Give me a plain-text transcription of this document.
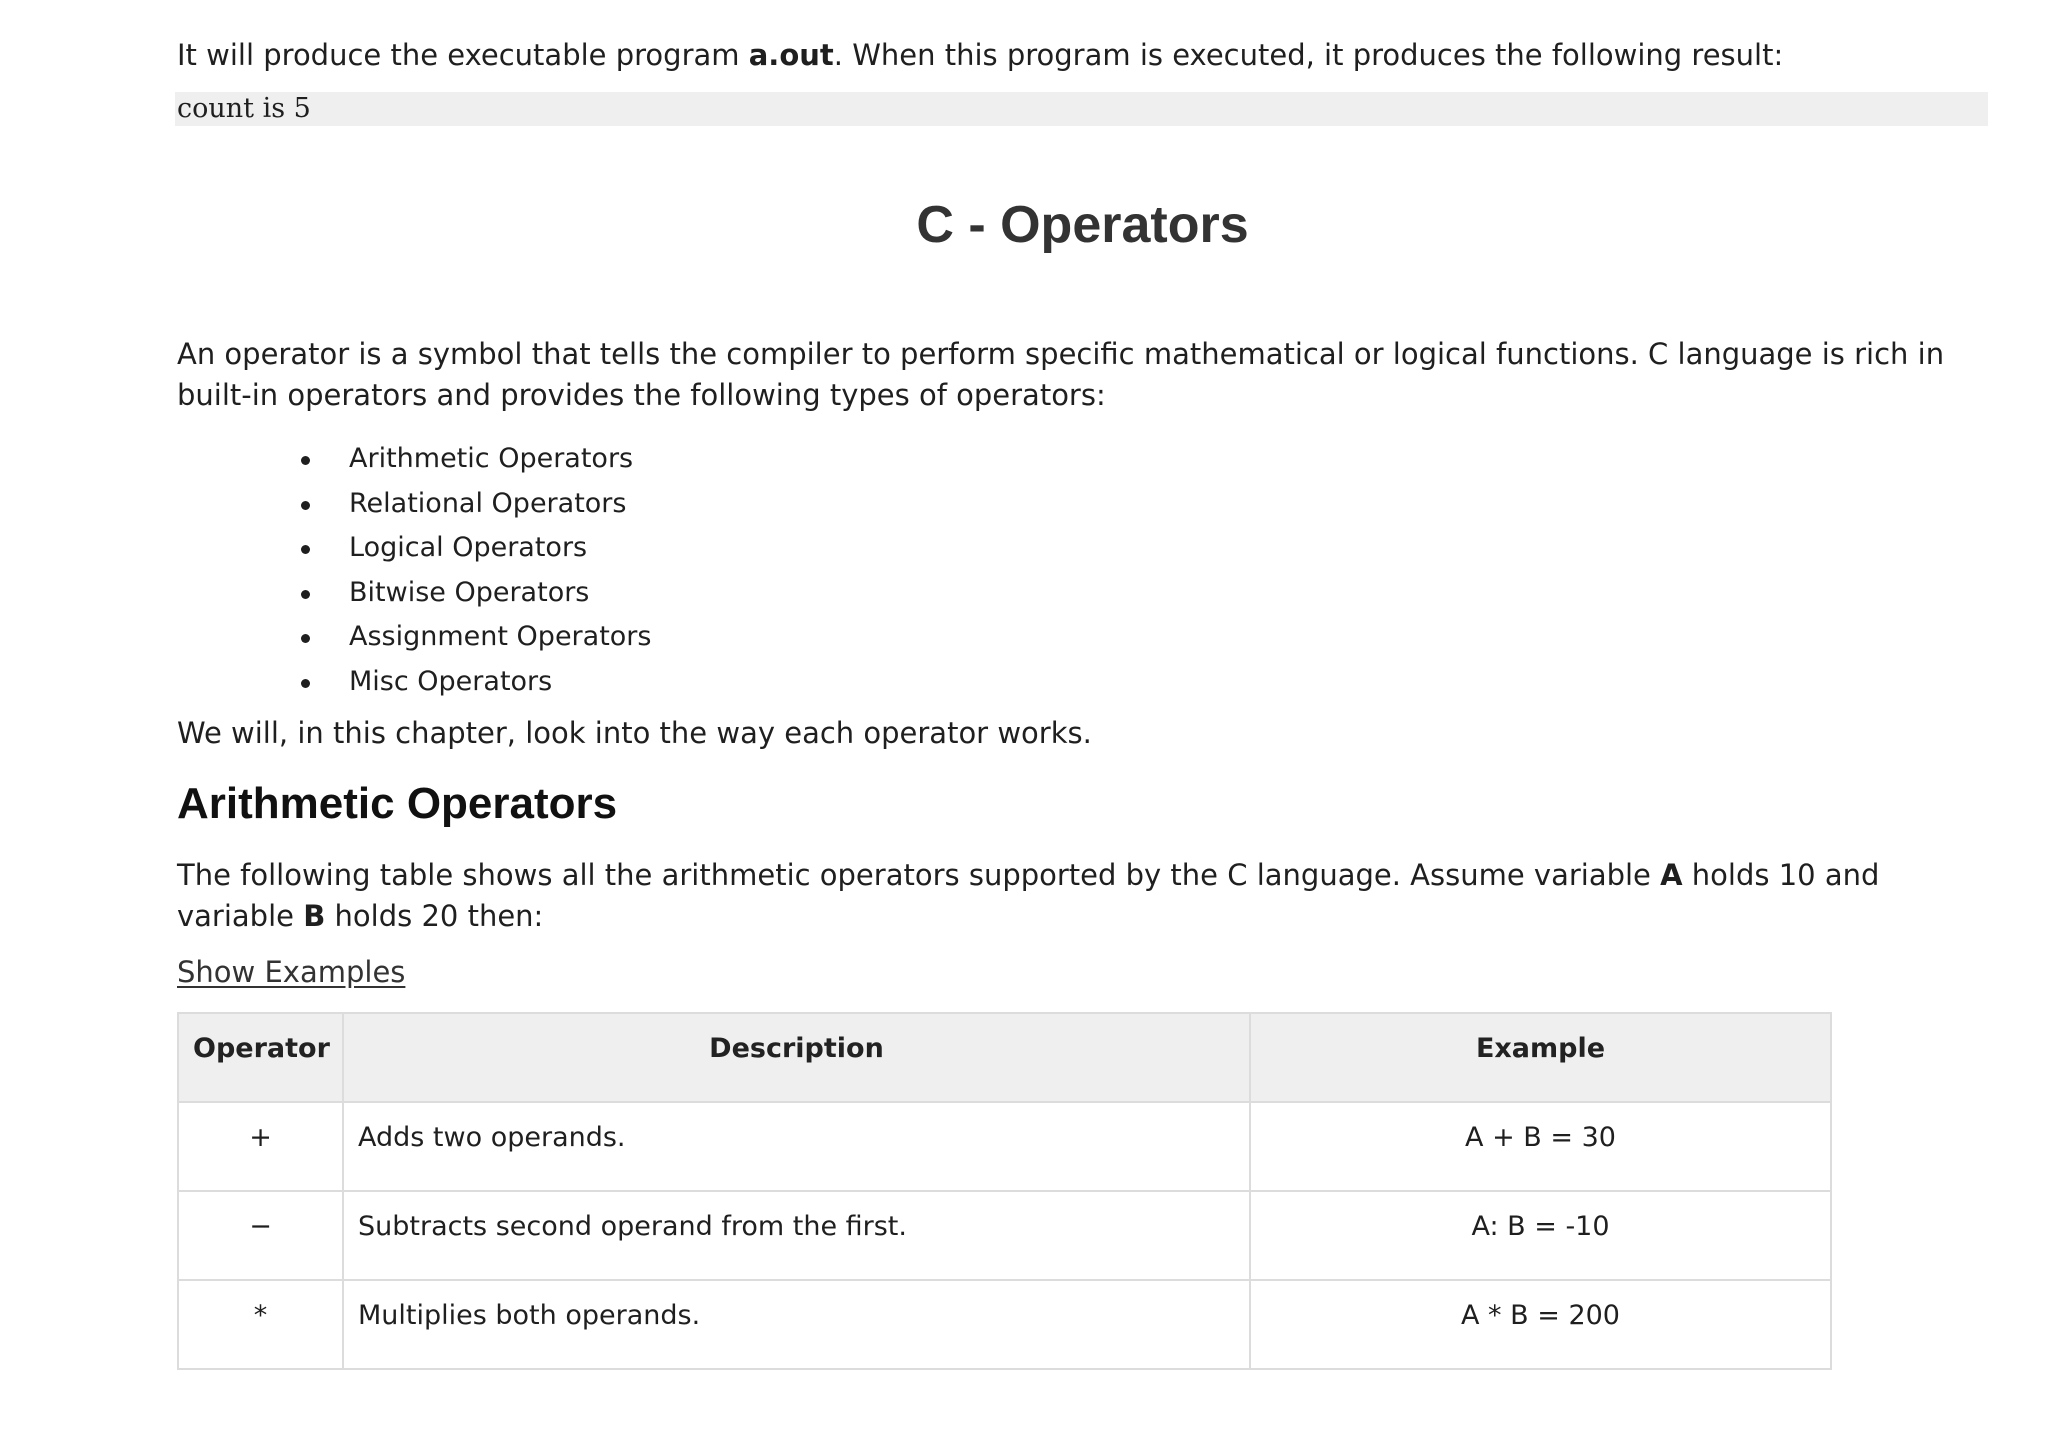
It will produce the executable program a.out. When this program is executed, it produces the following result:
count is 5
C - Operators

An operator is a symbol that tells the compiler to perform specific mathematical or logical functions. C language is rich in built-in operators and provides the following types of operators:

Arithmetic Operators
Relational Operators
Logical Operators
Bitwise Operators
Assignment Operators
Misc Operators

We will, in this chapter, look into the way each operator works.

Arithmetic Operators

The following table shows all the arithmetic operators supported by the C language. Assume variable A holds 10 and variable B holds 20 then:

Show Examples
Operator	Description	Example
+	Adds two operands.	A + B = 30
−	Subtracts second operand from the first.	A: B = -10
*	Multiplies both operands.	A * B = 200
